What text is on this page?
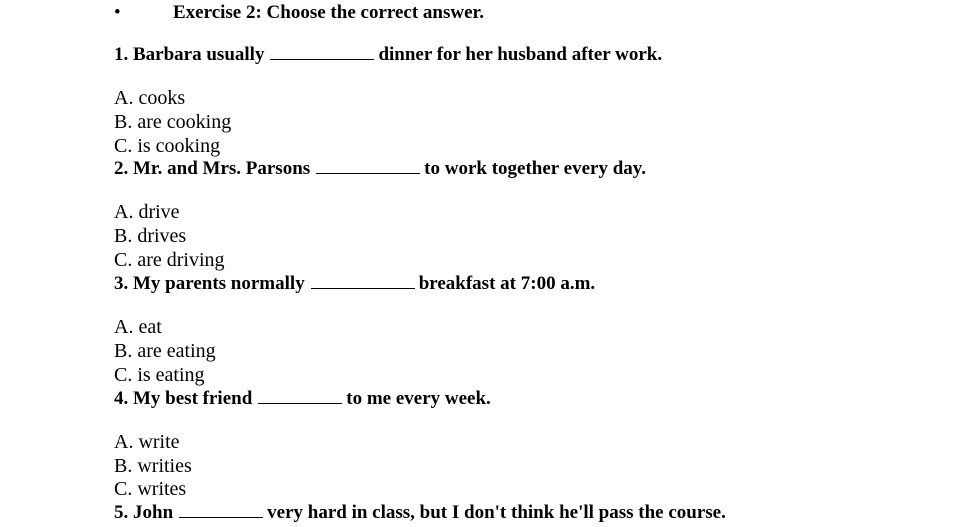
•	Exercise 2: Choose the correct answer.
1. Barbara usually	dinner for her husband after work.
A. cooks
B. are cooking
C. is cooking
2. Mr. and Mrs. Parsons	to work together every day.
A. drive
B. drives
C. are driving
3. My parents normally	breakfast at 7:00 a.m.
A. eat
B. are eating
C. is eating
4. My best friend	to me every week.
A. write
B. writies
C. writes
5. John	very hard in class, but I don't think he'll pass the course.
